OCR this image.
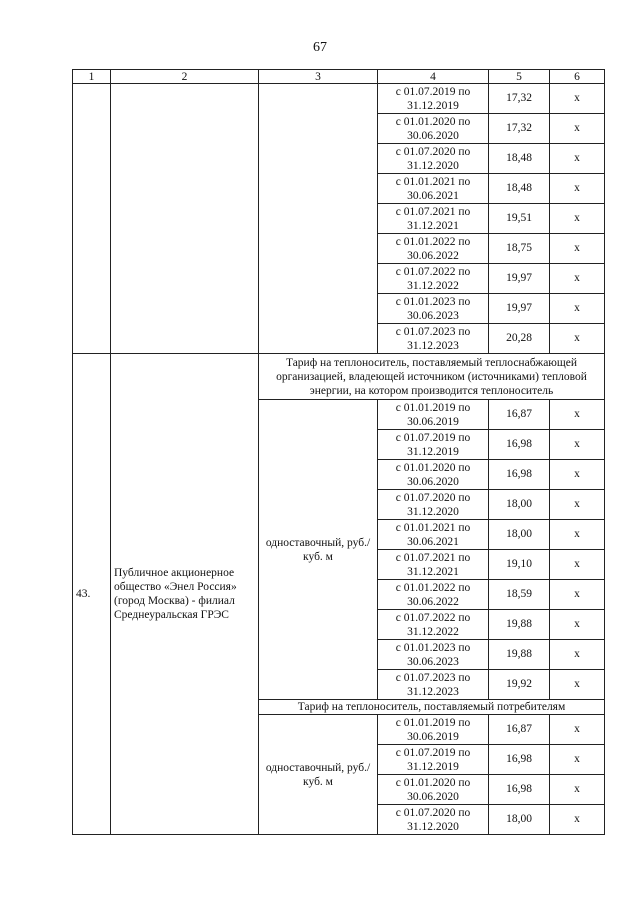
67
1	2	3	4	5	6
			с 01.07.2019 по 31.12.2019	17,32	х
			с 01.01.2020 по 30.06.2020	17,32	х
			с 01.07.2020 по 31.12.2020	18,48	х
			с 01.01.2021 по 30.06.2021	18,48	х
			с 01.07.2021 по 31.12.2021	19,51	х
			с 01.01.2022 по 30.06.2022	18,75	х
			с 01.07.2022 по 31.12.2022	19,97	х
			с 01.01.2023 по 30.06.2023	19,97	х
			с 01.07.2023 по 31.12.2023	20,28	х
43.	Публичное акционерное общество «Энел Россия» (город Москва) - филиал Среднеуральская ГРЭС	Тариф на теплоноситель, поставляемый теплоснабжающей организацией, владеющей источником (источниками) тепловой энергии, на котором производится теплоноситель			
		одноставочный, руб./куб. м	с 01.01.2019 по 30.06.2019	16,87	х
			с 01.07.2019 по 31.12.2019	16,98	х
			с 01.01.2020 по 30.06.2020	16,98	х
			с 01.07.2020 по 31.12.2020	18,00	х
			с 01.01.2021 по 30.06.2021	18,00	х
			с 01.07.2021 по 31.12.2021	19,10	х
			с 01.01.2022 по 30.06.2022	18,59	х
			с 01.07.2022 по 31.12.2022	19,88	х
			с 01.01.2023 по 30.06.2023	19,88	х
			с 01.07.2023 по 31.12.2023	19,92	х
		Тариф на теплоноситель, поставляемый потребителям			
		одноставочный, руб./куб. м	с 01.01.2019 по 30.06.2019	16,87	х
			с 01.07.2019 по 31.12.2019	16,98	х
			с 01.01.2020 по 30.06.2020	16,98	х
			с 01.07.2020 по 31.12.2020	18,00	х
